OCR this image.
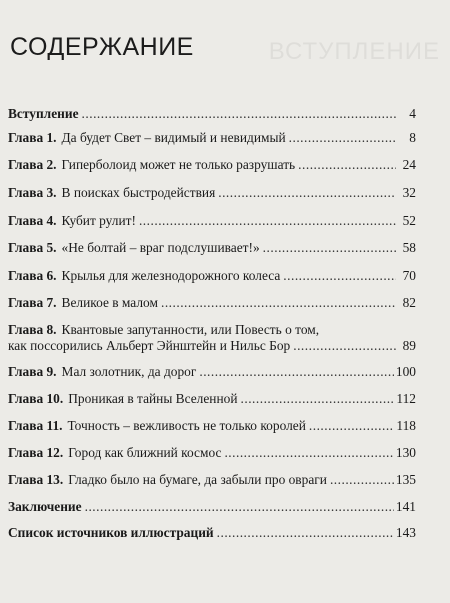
ВСТУПЛЕНИЕ
СОДЕРЖАНИЕ
Вступление .....	4
Глава 1. Да будет Свет – видимый и невидимый .....	8
Глава 2. Гиперболоид может не только разрушать .....	24
Глава 3. В поисках быстродействия .....	32
Глава 4. Кубит рулит! .....	52
Глава 5. «Не болтай – враг подслушивает!» .....	58
Глава 6. Крылья для железнодорожного колеса .....	70
Глава 7. Великое в малом .....	82
Глава 8. Квантовые запутанности, или Повесть о том,
как поссорились Альберт Эйнштейн и Нильс Бор .....	89
Глава 9. Мал золотник, да дорог .....	100
Глава 10. Проникая в тайны Вселенной .....	112
Глава 11. Точность – вежливость не только королей .....	118
Глава 12. Город как ближний космос .....	130
Глава 13. Гладко было на бумаге, да забыли про овраги .....	135
Заключение .....	141
Список источников иллюстраций .....	143
